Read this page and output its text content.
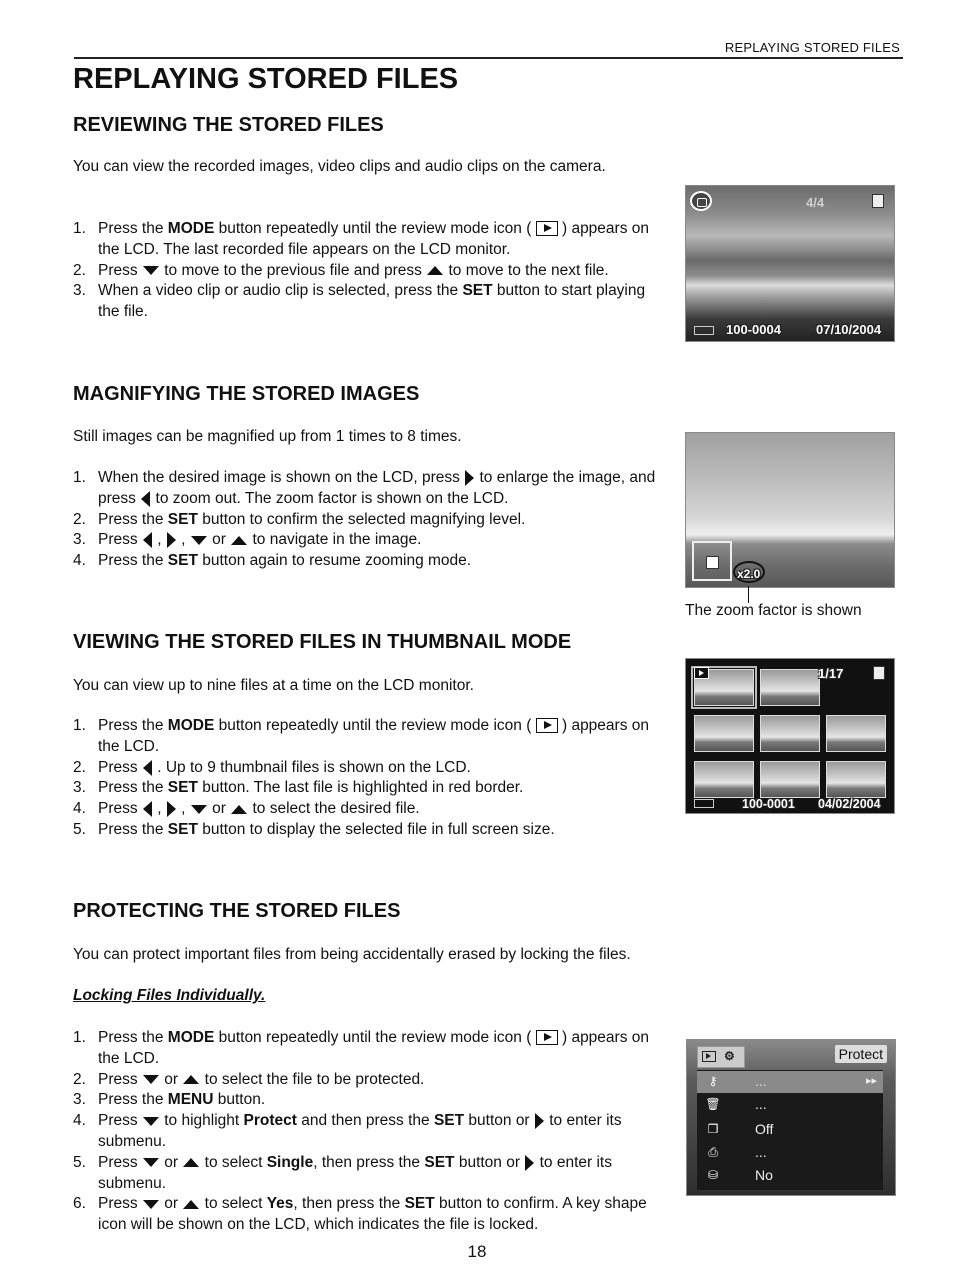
REPLAYING STORED FILES
REPLAYING STORED FILES
REVIEWING THE STORED FILES

You can view the recorded images, video clips and audio clips on the camera.

1. Press the MODE button repeatedly until the review mode icon (  ) appears on the LCD. The last recorded file appears on the LCD monitor.
2. Press  to move to the previous file and press  to move to the next file.
3. When a video clip or audio clip is selected, press the SET button to start playing the file.
4/4
100-0004	07/10/2004
MAGNIFYING THE STORED IMAGES

Still images can be magnified up from 1 times to 8 times.

1. When the desired image is shown on the LCD, press  to enlarge the image, and press  to zoom out. The zoom factor is shown on the LCD.
2. Press the SET button to confirm the selected magnifying level.
3. Press  ,  ,  or  to navigate in the image.
4. Press the SET button again to resume zooming mode.
x2.0
The zoom factor is shown
VIEWING THE STORED FILES IN THUMBNAIL MODE

You can view up to nine files at a time on the LCD monitor.

1. Press the MODE button repeatedly until the review mode icon (  ) appears on the LCD.
2. Press  . Up to 9 thumbnail files is shown on the LCD.
3. Press the SET button. The last file is highlighted in red border.
4. Press  ,  ,  or  to select the desired file.
5. Press the SET button to display the selected file in full screen size.
1/17
100-0001 04/02/2004
PROTECTING THE STORED FILES

You can protect important files from being accidentally erased by locking the files.

Locking Files Individually.

1. Press the MODE button repeatedly until the review mode icon (  ) appears on the LCD.
2. Press  or  to select the file to be protected.
3. Press the MENU button.
4. Press  to highlight Protect and then press the SET button or  to enter its submenu.
5. Press  or  to select Single, then press the SET button or  to enter its submenu.
6. Press  or  to select Yes, then press the SET button to confirm. A key shape icon will be shown on the LCD, which indicates the file is locked.
⚙	Protect
⚷	...	▸▸
🗑 ...
❐	Off
⎙	...
⛁	No
18
